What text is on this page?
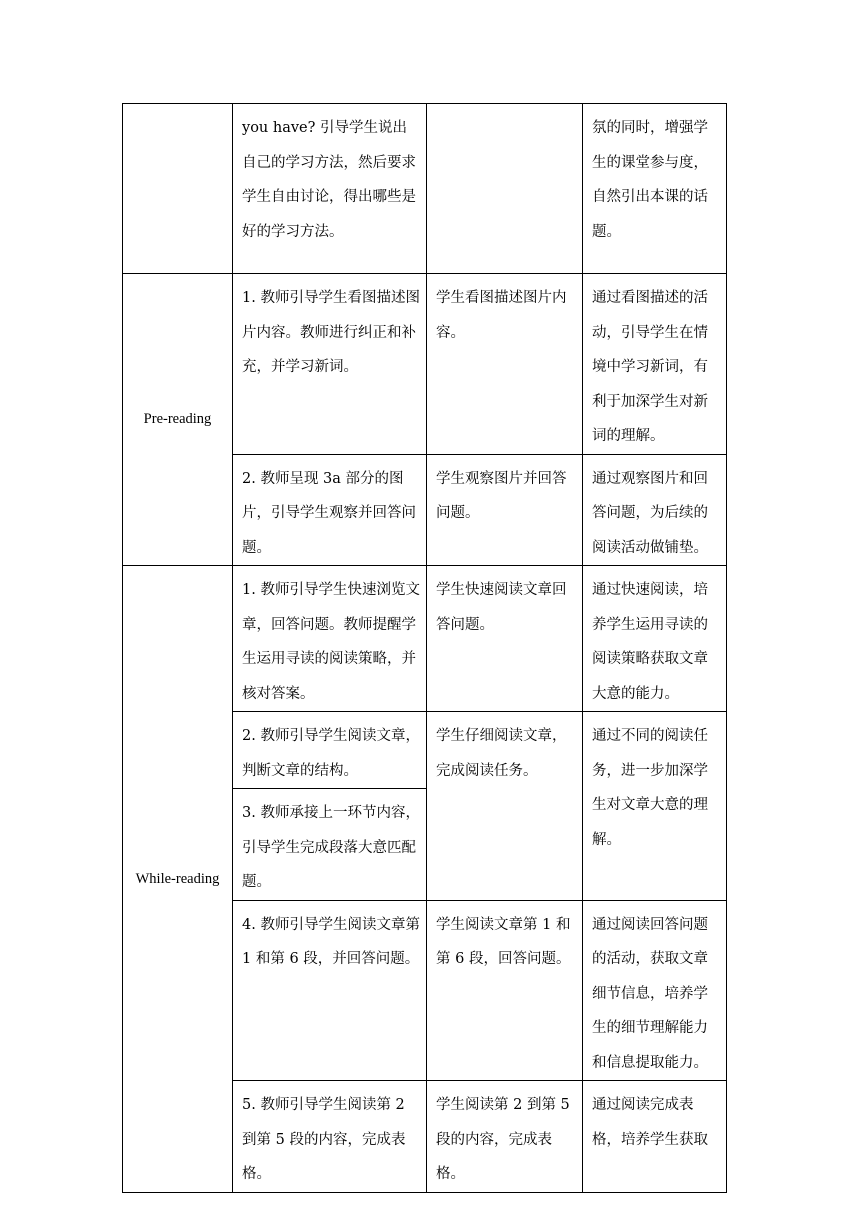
	you have? 引导学生说出自己的学习方法，然后要求学生自由讨论，得出哪些是好的学习方法。		氛的同时，增强学生的课堂参与度，自然引出本课的话题。

Pre-reading	1. 教师引导学生看图描述图片内容。教师进行纠正和补充，并学习新词。	学生看图描述图片内容。	通过看图描述的活动，引导学生在情境中学习新词，有利于加深学生对新词的理解。

	2. 教师呈现 3a 部分的图片，引导学生观察并回答问题。	学生观察图片并回答问题。	通过观察图片和回答问题，为后续的阅读活动做铺垫。

While-reading	1. 教师引导学生快速浏览文章，回答问题。教师提醒学生运用寻读的阅读策略，并核对答案。	学生快速阅读文章回答问题。	通过快速阅读，培养学生运用寻读的阅读策略获取文章大意的能力。

	2. 教师引导学生阅读文章，判断文章的结构。	学生仔细阅读文章，完成阅读任务。	通过不同的阅读任务，进一步加深学生对文章大意的理解。

	3. 教师承接上一环节内容，引导学生完成段落大意匹配题。		

	4. 教师引导学生阅读文章第 1 和第 6 段，并回答问题。	学生阅读文章第 1 和第 6 段，回答问题。	通过阅读回答问题的活动，获取文章细节信息，培养学生的细节理解能力和信息提取能力。

	5. 教师引导学生阅读第 2 到第 5 段的内容，完成表格。	学生阅读第 2 到第 5 段的内容，完成表格。	通过阅读完成表格，培养学生获取
